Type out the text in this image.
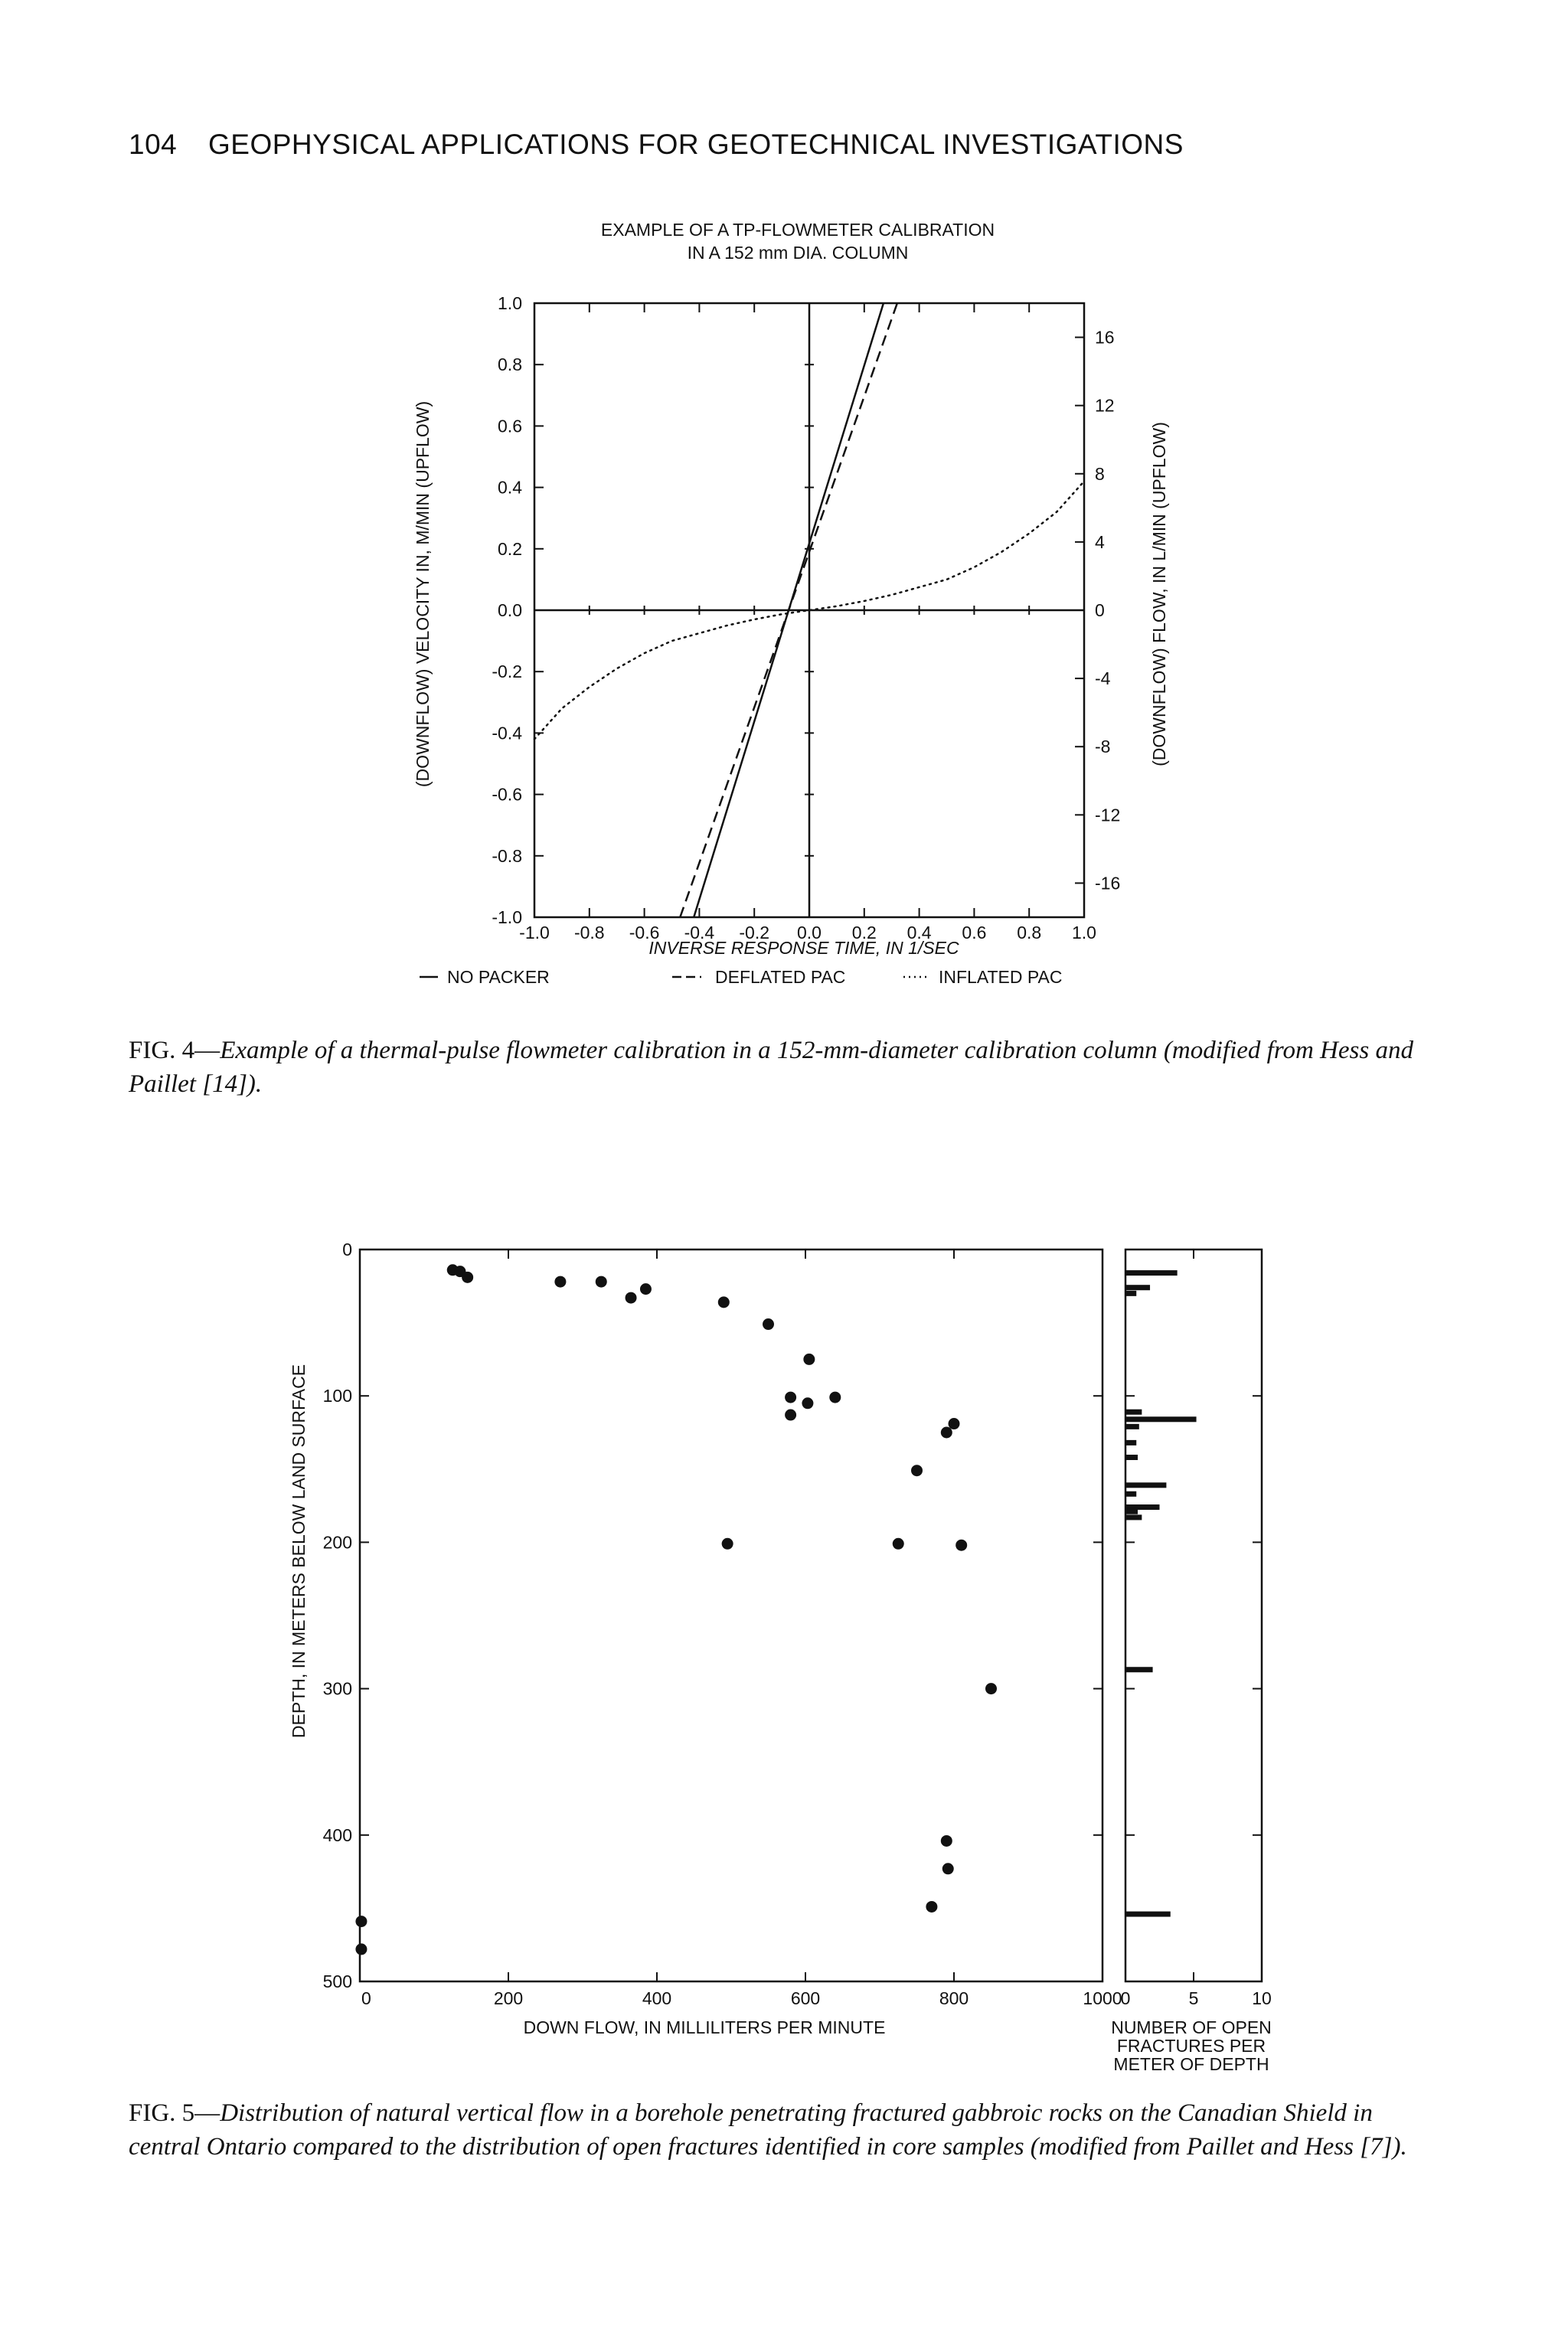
104 GEOPHYSICAL APPLICATIONS FOR GEOTECHNICAL INVESTIGATIONS
EXAMPLE OF A TP-FLOWMETER CALIBRATION
IN A 152 mm DIA. COLUMN
(DOWNFLOW) VELOCITY IN, M/MIN (UPFLOW)	(DOWNFLOW) FLOW, IN L/MIN (UPFLOW)
INVERSE RESPONSE TIME, IN 1/SEC
NO PACKER	DEFLATED PAC	INFLATED PAC
-1.0 -0.8 -0.6 -0.4 -0.2 0.0 0.2 0.4 0.6 0.8 1.0
1.0
0.8
0.6
0.4
0.2
0.0
-0.2
-0.4
-0.6
-0.8
-1.0
16
12
8
4
0
-4
-8
-12
-16
FIG. 4—Example of a thermal-pulse flowmeter calibration in a 152-mm-diameter calibration column (modified from Hess and Paillet [14]).
DEPTH, IN METERS BELOW LAND SURFACE
DOWN FLOW, IN MILLILITERS PER MINUTE	NUMBER OF OPEN
FRACTURES PER
METER OF DEPTH
0	200	400	600	800	1000
0
100
200
300
400
500
0	5	10
FIG. 5—Distribution of natural vertical flow in a borehole penetrating fractured gabbroic rocks on the Canadian Shield in central Ontario compared to the distribution of open fractures identified in core samples (modified from Paillet and Hess [7]).
